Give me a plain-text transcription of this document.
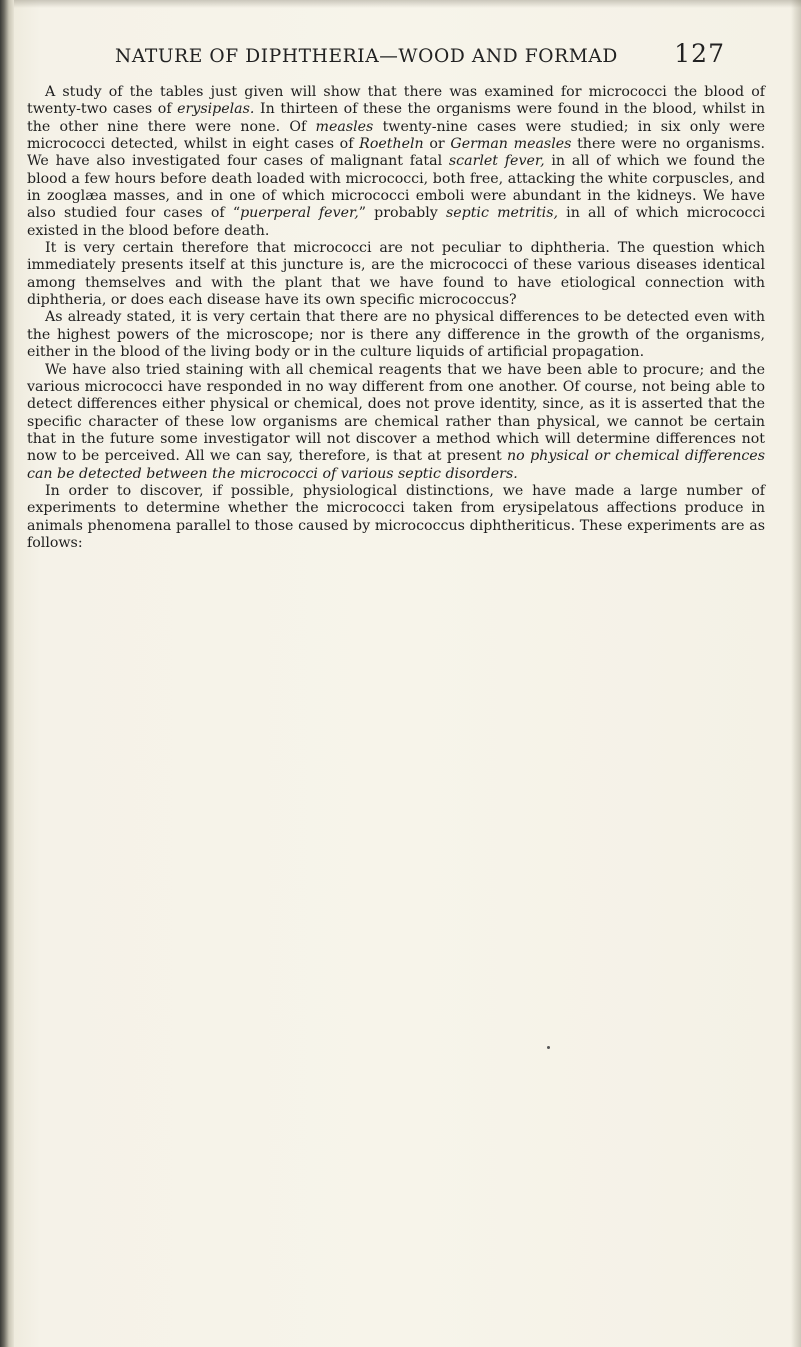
NATURE OF DIPHTHERIA—WOOD AND FORMAD 127

A study of the tables just given will show that there was examined for micrococci the blood of twenty-two cases of erysipelas. In thirteen of these the organisms were found in the blood, whilst in the other nine there were none. Of measles twenty-nine cases were studied; in six only were micrococci detected, whilst in eight cases of Roetheln or German measles there were no organisms. We have also investigated four cases of malignant fatal scarlet fever, in all of which we found the blood a few hours before death loaded with micrococci, both free, attacking the white corpuscles, and in zooglæa masses, and in one of which micrococci emboli were abundant in the kidneys. We have also studied four cases of “puerperal fever,” probably septic metritis, in all of which micrococci existed in the blood before death.

It is very certain therefore that micrococci are not peculiar to diphtheria. The question which immediately presents itself at this juncture is, are the micrococci of these various diseases identical among themselves and with the plant that we have found to have etiological connection with diphtheria, or does each disease have its own specific micrococcus?

As already stated, it is very certain that there are no physical differences to be detected even with the highest powers of the microscope; nor is there any difference in the growth of the organisms, either in the blood of the living body or in the culture liquids of artificial propagation.

We have also tried staining with all chemical reagents that we have been able to procure; and the various micrococci have responded in no way different from one another. Of course, not being able to detect differences either physical or chemical, does not prove identity, since, as it is asserted that the specific character of these low organisms are chemical rather than physical, we cannot be certain that in the future some investigator will not discover a method which will determine differences not now to be perceived. All we can say, therefore, is that at present no physical or chemical differences can be detected between the micrococci of various septic disorders.

In order to discover, if possible, physiological distinctions, we have made a large number of experiments to determine whether the micrococci taken from erysipelatous affections produce in animals phenomena parallel to those caused by micrococcus diphtheriticus. These experiments are as follows:
